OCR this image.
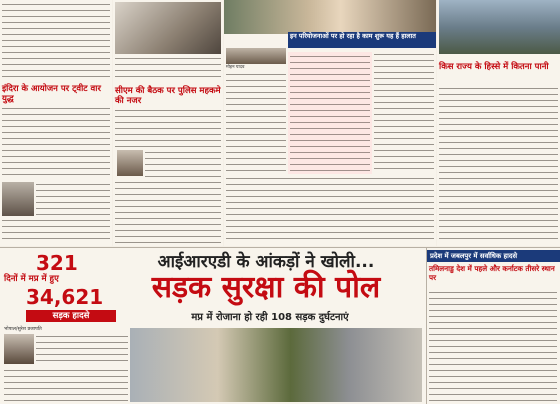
इंदिरा के आयोजन पर ट्वीट वार युद्ध
सीएम की बैठक पर पुलिस महकमे की नजर
इन परियोजनाओं पर हो रहा है काम शुरू यह हैं हालात
मोहन यादव	किस राज्य के हिस्से में कितना पानी
321
दिनों में मप्र में हुए
34,621
सड़क हादसे
भोपाल/सुरेश प्रजापति
आईआरएडी के आंकड़ों ने खोली...
सड़क सुरक्षा की पोल
मप्र में रोजाना हो रही 108 सड़क दुर्घटनाएं
प्रदेश में जबलपुर में सर्वाधिक हादसे
तमिलनाडु देश में पहले और कर्नाटक तीसरे स्थान पर
